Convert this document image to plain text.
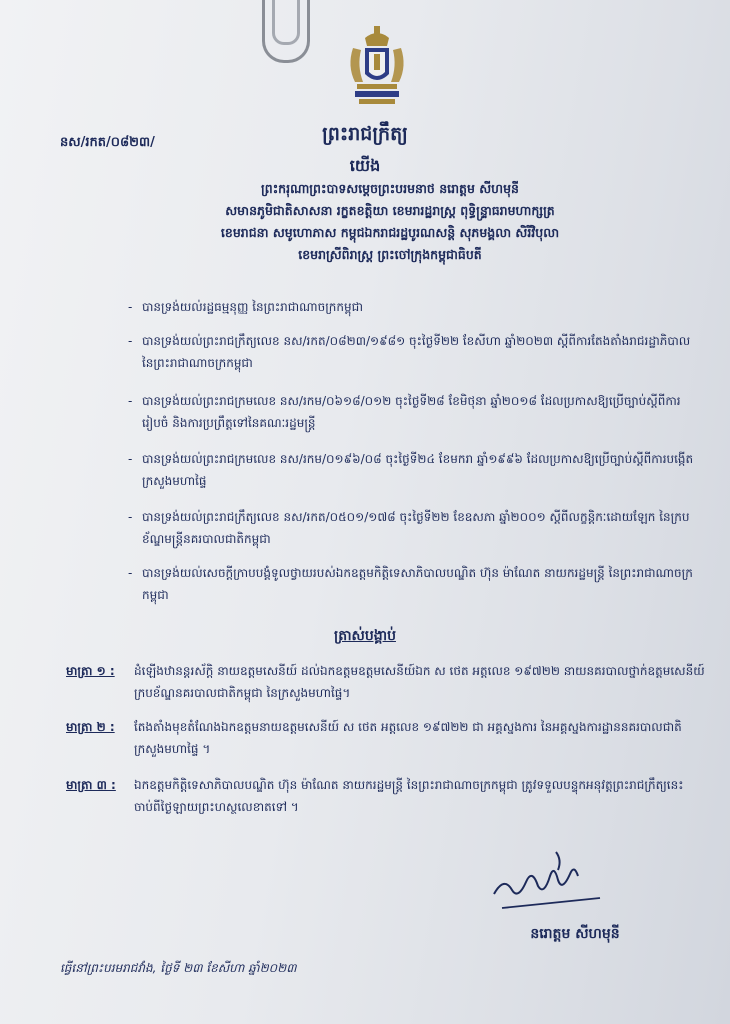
នស/រកត/០៨២៣/	ព្រះរាជក្រឹត្យ
យើង
ព្រះករុណាព្រះបាទសម្តេចព្រះបរមនាថ នរោត្តម សីហមុនី
សមានភូមិជាតិសាសនា រក្ខតខត្តិយា ខេមរារដ្ឋរាស្ត្រ ពុទ្ធិន្ទ្រាធរាមហាក្សត្រ
ខេមរាជនា សមូហោភាស កម្ពុជឯករាជរដ្ឋបូរណសន្តិ សុភមង្គលា សិរីវិបុលា
ខេមរាស្រីពិរាស្ត្រ ព្រះចៅក្រុងកម្ពុជាធិបតី
- បានទ្រង់យល់រដ្ឋធម្មនុញ្ញ នៃព្រះរាជាណាចក្រកម្ពុជា
- បានទ្រង់យល់ព្រះរាជក្រឹត្យលេខ នស/រកត/០៨២៣/១៩៨១ ចុះថ្ងៃទី២២ ខែសីហា ឆ្នាំ២០២៣ ស្តីពីការតែងតាំងរាជរដ្ឋាភិបាល នៃព្រះរាជាណាចក្រកម្ពុជា
- បានទ្រង់យល់ព្រះរាជក្រមលេខ នស/រកម/០៦១៨/០១២ ចុះថ្ងៃទី២៨ ខែមិថុនា ឆ្នាំ២០១៨ ដែលប្រកាសឱ្យប្រើច្បាប់ស្តីពីការរៀបចំ និងការប្រព្រឹត្តទៅនៃគណៈរដ្ឋមន្ត្រី
- បានទ្រង់យល់ព្រះរាជក្រមលេខ នស/រកម/០១៩៦/០៨ ចុះថ្ងៃទី២៤ ខែមករា ឆ្នាំ១៩៩៦ ដែលប្រកាសឱ្យប្រើច្បាប់ស្តីពីការបង្កើតក្រសួងមហាផ្ទៃ
- បានទ្រង់យល់ព្រះរាជក្រឹត្យលេខ នស/រកត/០៥០១/១៧៨ ចុះថ្ងៃទី២២ ខែឧសភា ឆ្នាំ២០០១ ស្តីពីលក្ខន្តិកៈដោយឡែក នៃក្របខ័ណ្ឌមន្ត្រីនគរបាលជាតិកម្ពុជា
- បានទ្រង់យល់សេចក្តីក្រាបបង្គំទូលថ្វាយរបស់ឯកឧត្តមកិត្តិទេសាភិបាលបណ្ឌិត ហ៊ុន ម៉ាណែត នាយករដ្ឋមន្ត្រី នៃព្រះរាជាណាចក្រកម្ពុជា
ត្រាស់បង្គាប់
មាត្រា ១ : ដំឡើងឋានន្តរស័ក្តិ នាយឧត្តមសេនីយ៍ ដល់ឯកឧត្តមឧត្តមសេនីយ៍ឯក ស ថេត អត្តលេខ ១៩៧២២ នាយនគរបាលថ្នាក់ឧត្តមសេនីយ៍ ក្របខ័ណ្ឌនគរបាលជាតិកម្ពុជា នៃក្រសួងមហាផ្ទៃ។
មាត្រា ២ : តែងតាំងមុខតំណែងឯកឧត្តមនាយឧត្តមសេនីយ៍ ស ថេត អត្តលេខ ១៩៧២២ ជា អគ្គស្នងការ នៃអគ្គស្នងការដ្ឋាននគរបាលជាតិ ក្រសួងមហាផ្ទៃ ។
មាត្រា ៣ : ឯកឧត្តមកិត្តិទេសាភិបាលបណ្ឌិត ហ៊ុន ម៉ាណែត នាយករដ្ឋមន្ត្រី នៃព្រះរាជាណាចក្រកម្ពុជា ត្រូវទទួលបន្ទុកអនុវត្តព្រះរាជក្រឹត្យនេះ ចាប់ពីថ្ងៃឡាយព្រះហស្ថលេខាតទៅ ។
នរោត្តម សីហមុនី
ធ្វើនៅព្រះបរមរាជវាំង, ថ្ងៃទី ២៣ ខែសីហា ឆ្នាំ២០២៣
